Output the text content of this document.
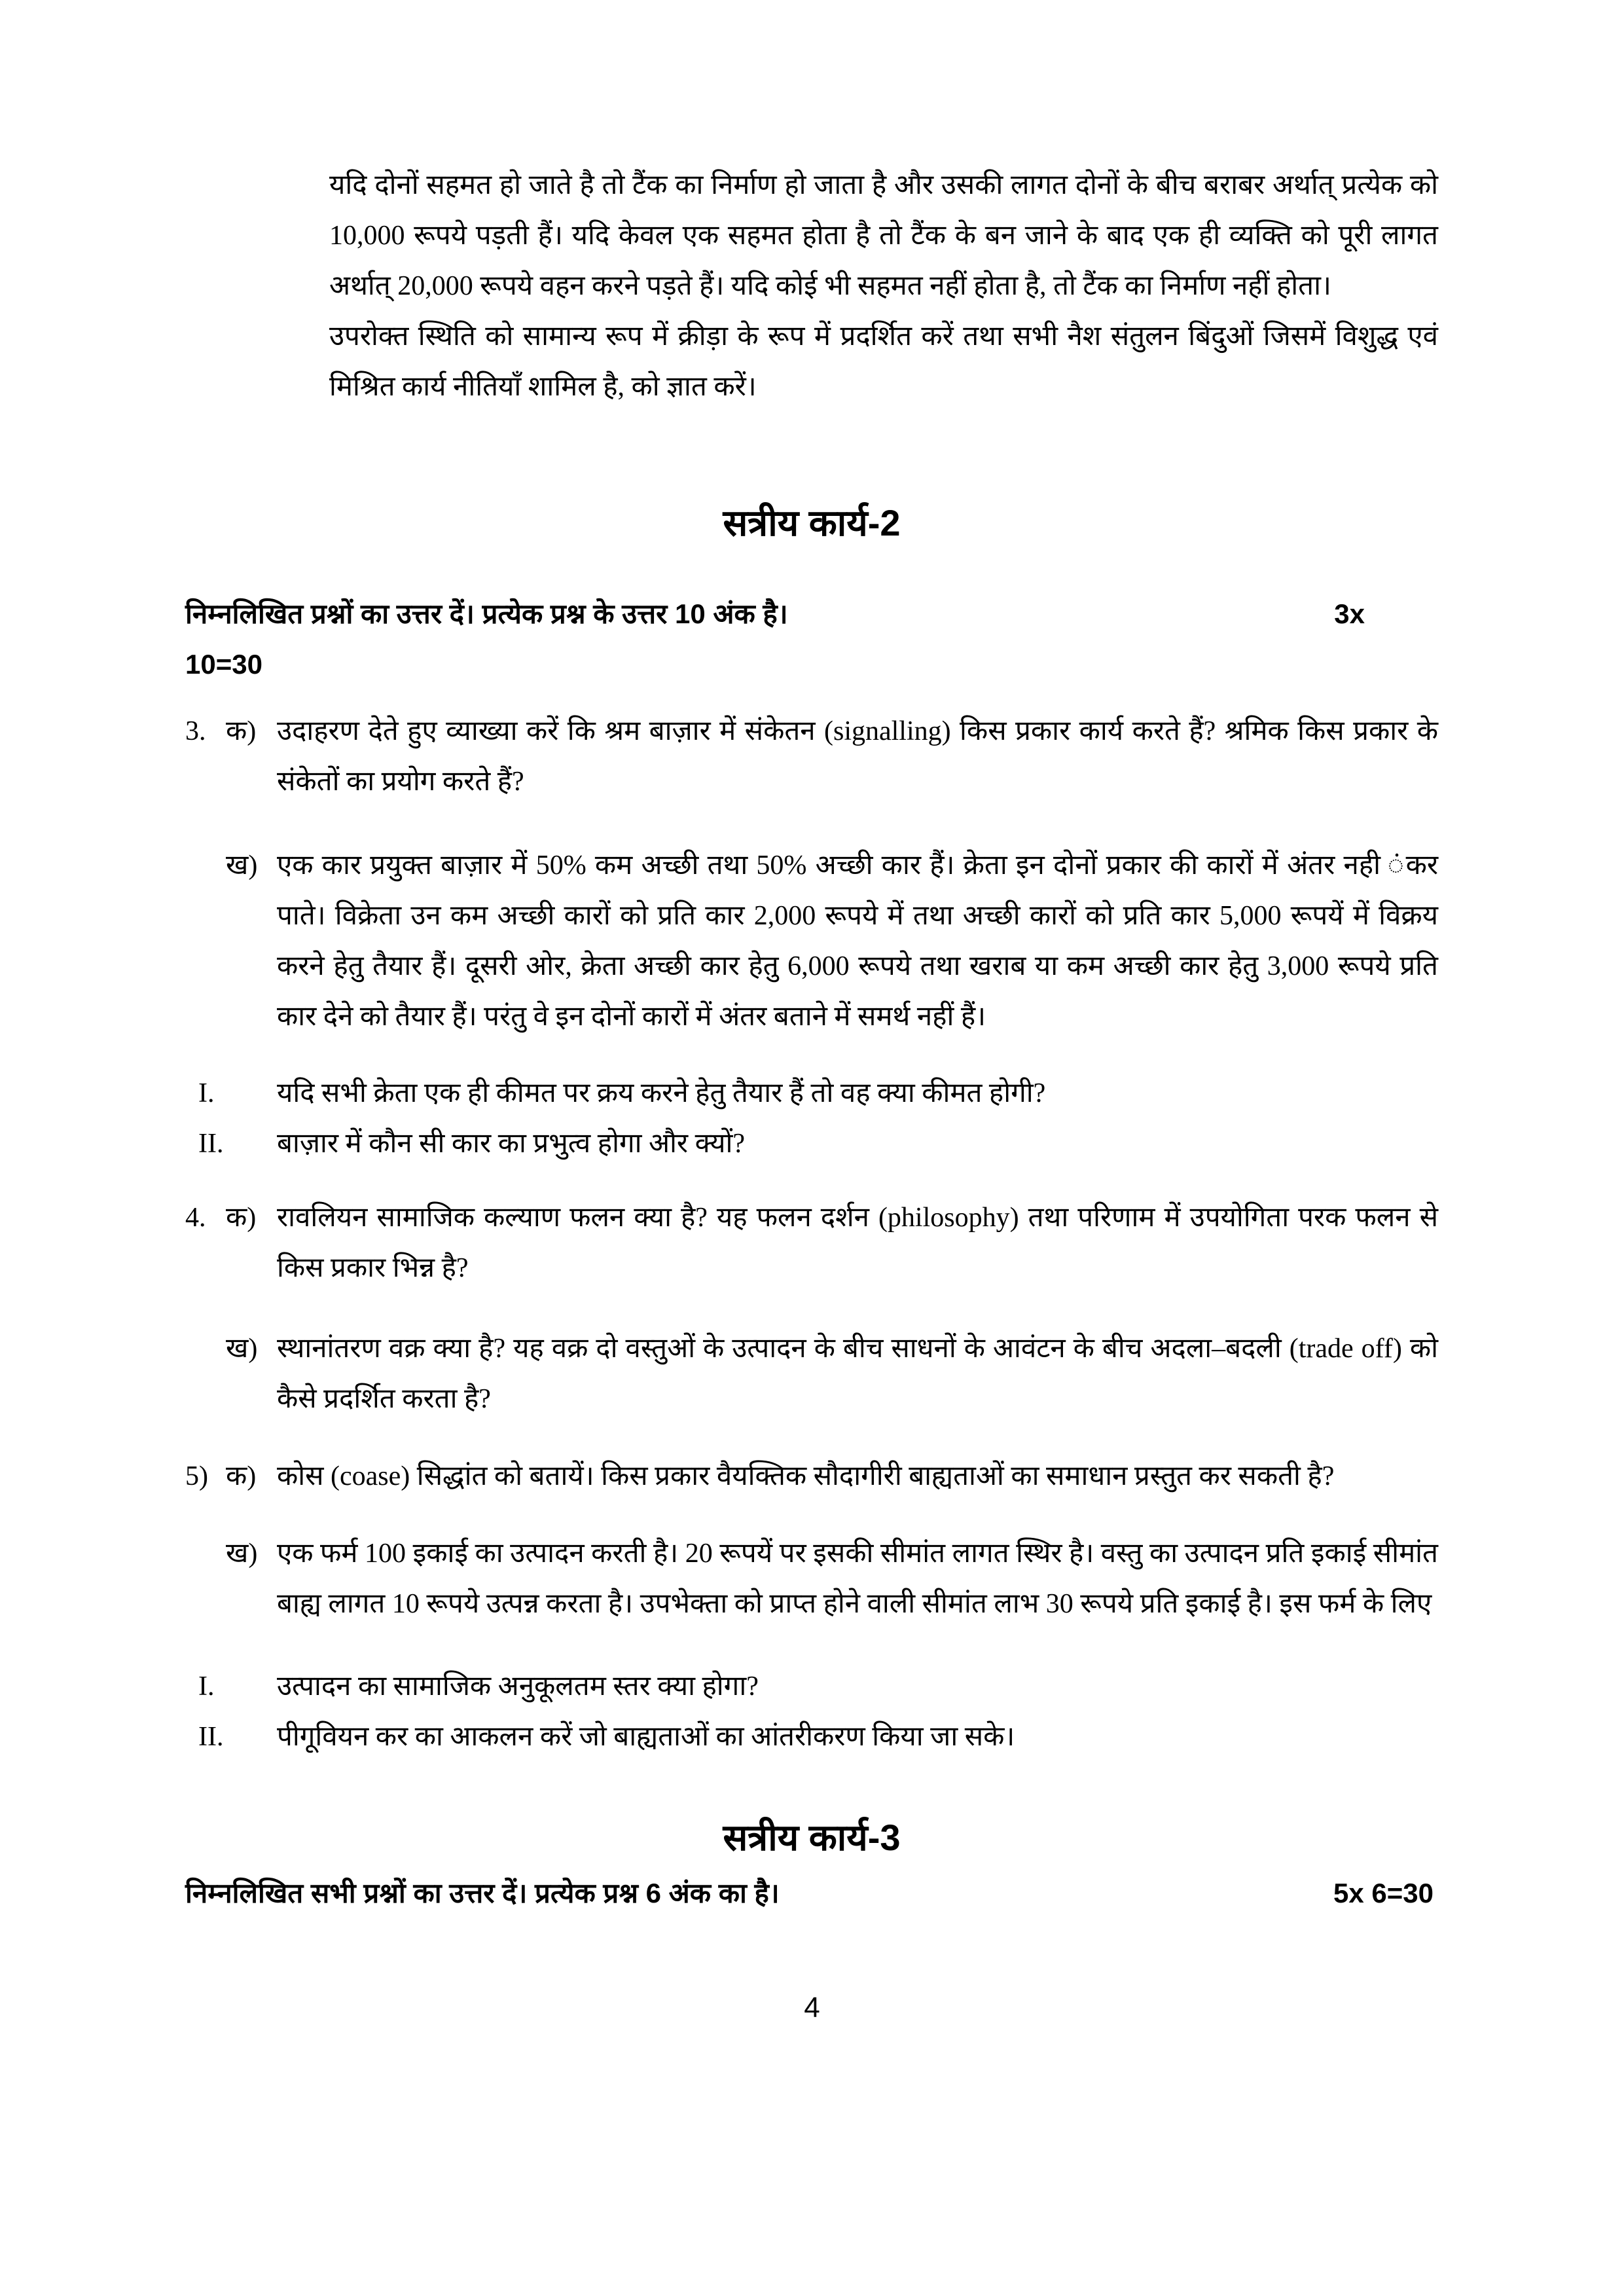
यदि दोनों सहमत हो जाते है तो टैंक का निर्माण हो जाता है और उसकी लागत दोनों के बीच बराबर अर्थात् प्रत्येक को 10,000 रूपये पड़ती हैं। यदि केवल एक सहमत होता है तो टैंक के बन जाने के बाद एक ही व्यक्ति को पूरी लागत अर्थात् 20,000 रूपये वहन करने पड़ते हैं। यदि कोई भी सहमत नहीं होता है, तो टैंक का निर्माण नहीं होता।

उपरोक्त स्थिति को सामान्य रूप में क्रीड़ा के रूप में प्रदर्शित करें तथा सभी नैश संतुलन बिंदुओं जिसमें विशुद्ध एवं मिश्रित कार्य नीतियाँ शामिल है, को ज्ञात करें।

सत्रीय कार्य-2
निम्नलिखित प्रश्नों का उत्तर दें। प्रत्येक प्रश्न के उत्तर 10 अंक है।	3x
10=30
3. क) उदाहरण देते हुए व्याख्या करें कि श्रम बाज़ार में संकेतन (signalling) किस प्रकार कार्य करते हैं? श्रमिक किस प्रकार के संकेतों का प्रयोग करते हैं?
ख) एक कार प्रयुक्त बाज़ार में 50% कम अच्छी तथा 50% अच्छी कार हैं। क्रेता इन दोनों प्रकार की कारों में अंतर नही ंकर पाते। विक्रेता उन कम अच्छी कारों को प्रति कार 2,000 रूपये में तथा अच्छी कारों को प्रति कार 5,000 रूपयें में विक्रय करने हेतु तैयार हैं। दूसरी ओर, क्रेता अच्छी कार हेतु 6,000 रूपये तथा खराब या कम अच्छी कार हेतु 3,000 रूपये प्रति कार देने को तैयार हैं। परंतु वे इन दोनों कारों में अंतर बताने में समर्थ नहीं हैं।
I.	यदि सभी क्रेता एक ही कीमत पर क्रय करने हेतु तैयार हैं तो वह क्या कीमत होगी?
II.	बाज़ार में कौन सी कार का प्रभुत्व होगा और क्यों?
4. क) रावलियन सामाजिक कल्याण फलन क्या है? यह फलन दर्शन (philosophy) तथा परिणाम में उपयोगिता परक फलन से किस प्रकार भिन्न है?
ख) स्थानांतरण वक्र क्या है? यह वक्र दो वस्तुओं के उत्पादन के बीच साधनों के आवंटन के बीच अदला–बदली (trade off) को कैसे प्रदर्शित करता है?
5) क) कोस (coase) सिद्धांत को बतायें। किस प्रकार वैयक्तिक सौदागीरी बाह्यताओं का समाधान प्रस्तुत कर सकती है?
ख) एक फर्म 100 इकाई का उत्पादन करती है। 20 रूपयें पर इसकी सीमांत लागत स्थिर है। वस्तु का उत्पादन प्रति इकाई सीमांत बाह्य लागत 10 रूपये उत्पन्न करता है। उपभेक्ता को प्राप्त होने वाली सीमांत लाभ 30 रूपये प्रति इकाई है। इस फर्म के लिए
I.	उत्पादन का सामाजिक अनुकूलतम स्तर क्या होगा?
II.	पीगूवियन कर का आकलन करें जो बाह्यताओं का आंतरीकरण किया जा सके।
सत्रीय कार्य-3
निम्नलिखित सभी प्रश्नों का उत्तर दें। प्रत्येक प्रश्न 6 अंक का है।	5x 6=30
4
